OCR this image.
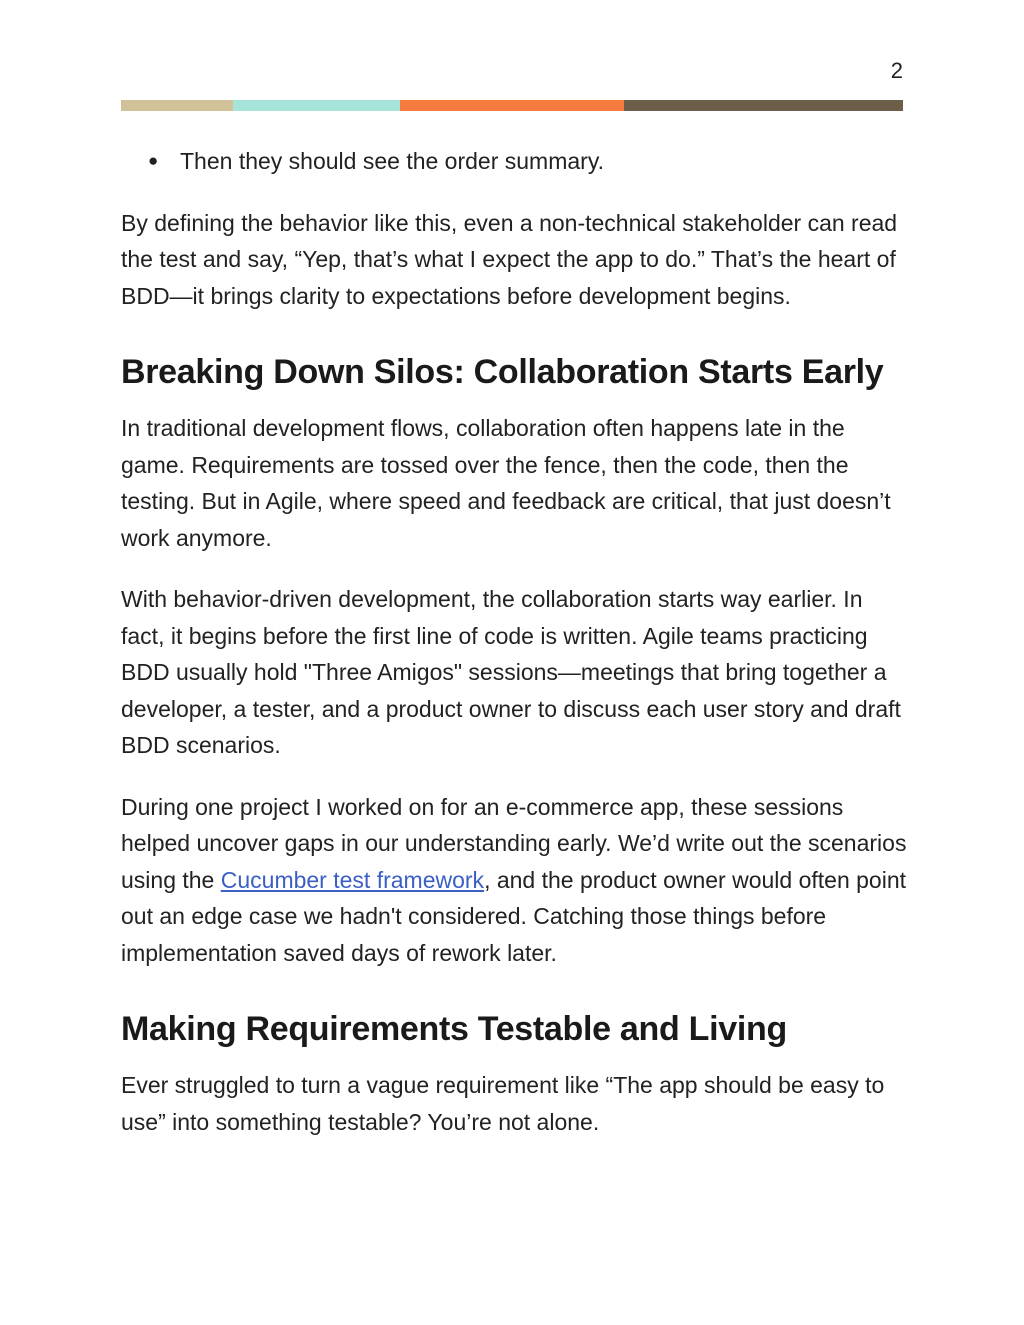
2
● Then they should see the order summary.

By defining the behavior like this, even a non-technical stakeholder can read the test and say, “Yep, that’s what I expect the app to do.” That’s the heart of BDD—it brings clarity to expectations before development begins.

Breaking Down Silos: Collaboration Starts Early

In traditional development flows, collaboration often happens late in the game. Requirements are tossed over the fence, then the code, then the testing. But in Agile, where speed and feedback are critical, that just doesn’t work anymore.

With behavior-driven development, the collaboration starts way earlier. In fact, it begins before the first line of code is written. Agile teams practicing BDD usually hold "Three Amigos" sessions—meetings that bring together a developer, a tester, and a product owner to discuss each user story and draft BDD scenarios.

During one project I worked on for an e-commerce app, these sessions helped uncover gaps in our understanding early. We’d write out the scenarios using the Cucumber test framework, and the product owner would often point out an edge case we hadn't considered. Catching those things before implementation saved days of rework later.

Making Requirements Testable and Living

Ever struggled to turn a vague requirement like “The app should be easy to use” into something testable? You’re not alone.
